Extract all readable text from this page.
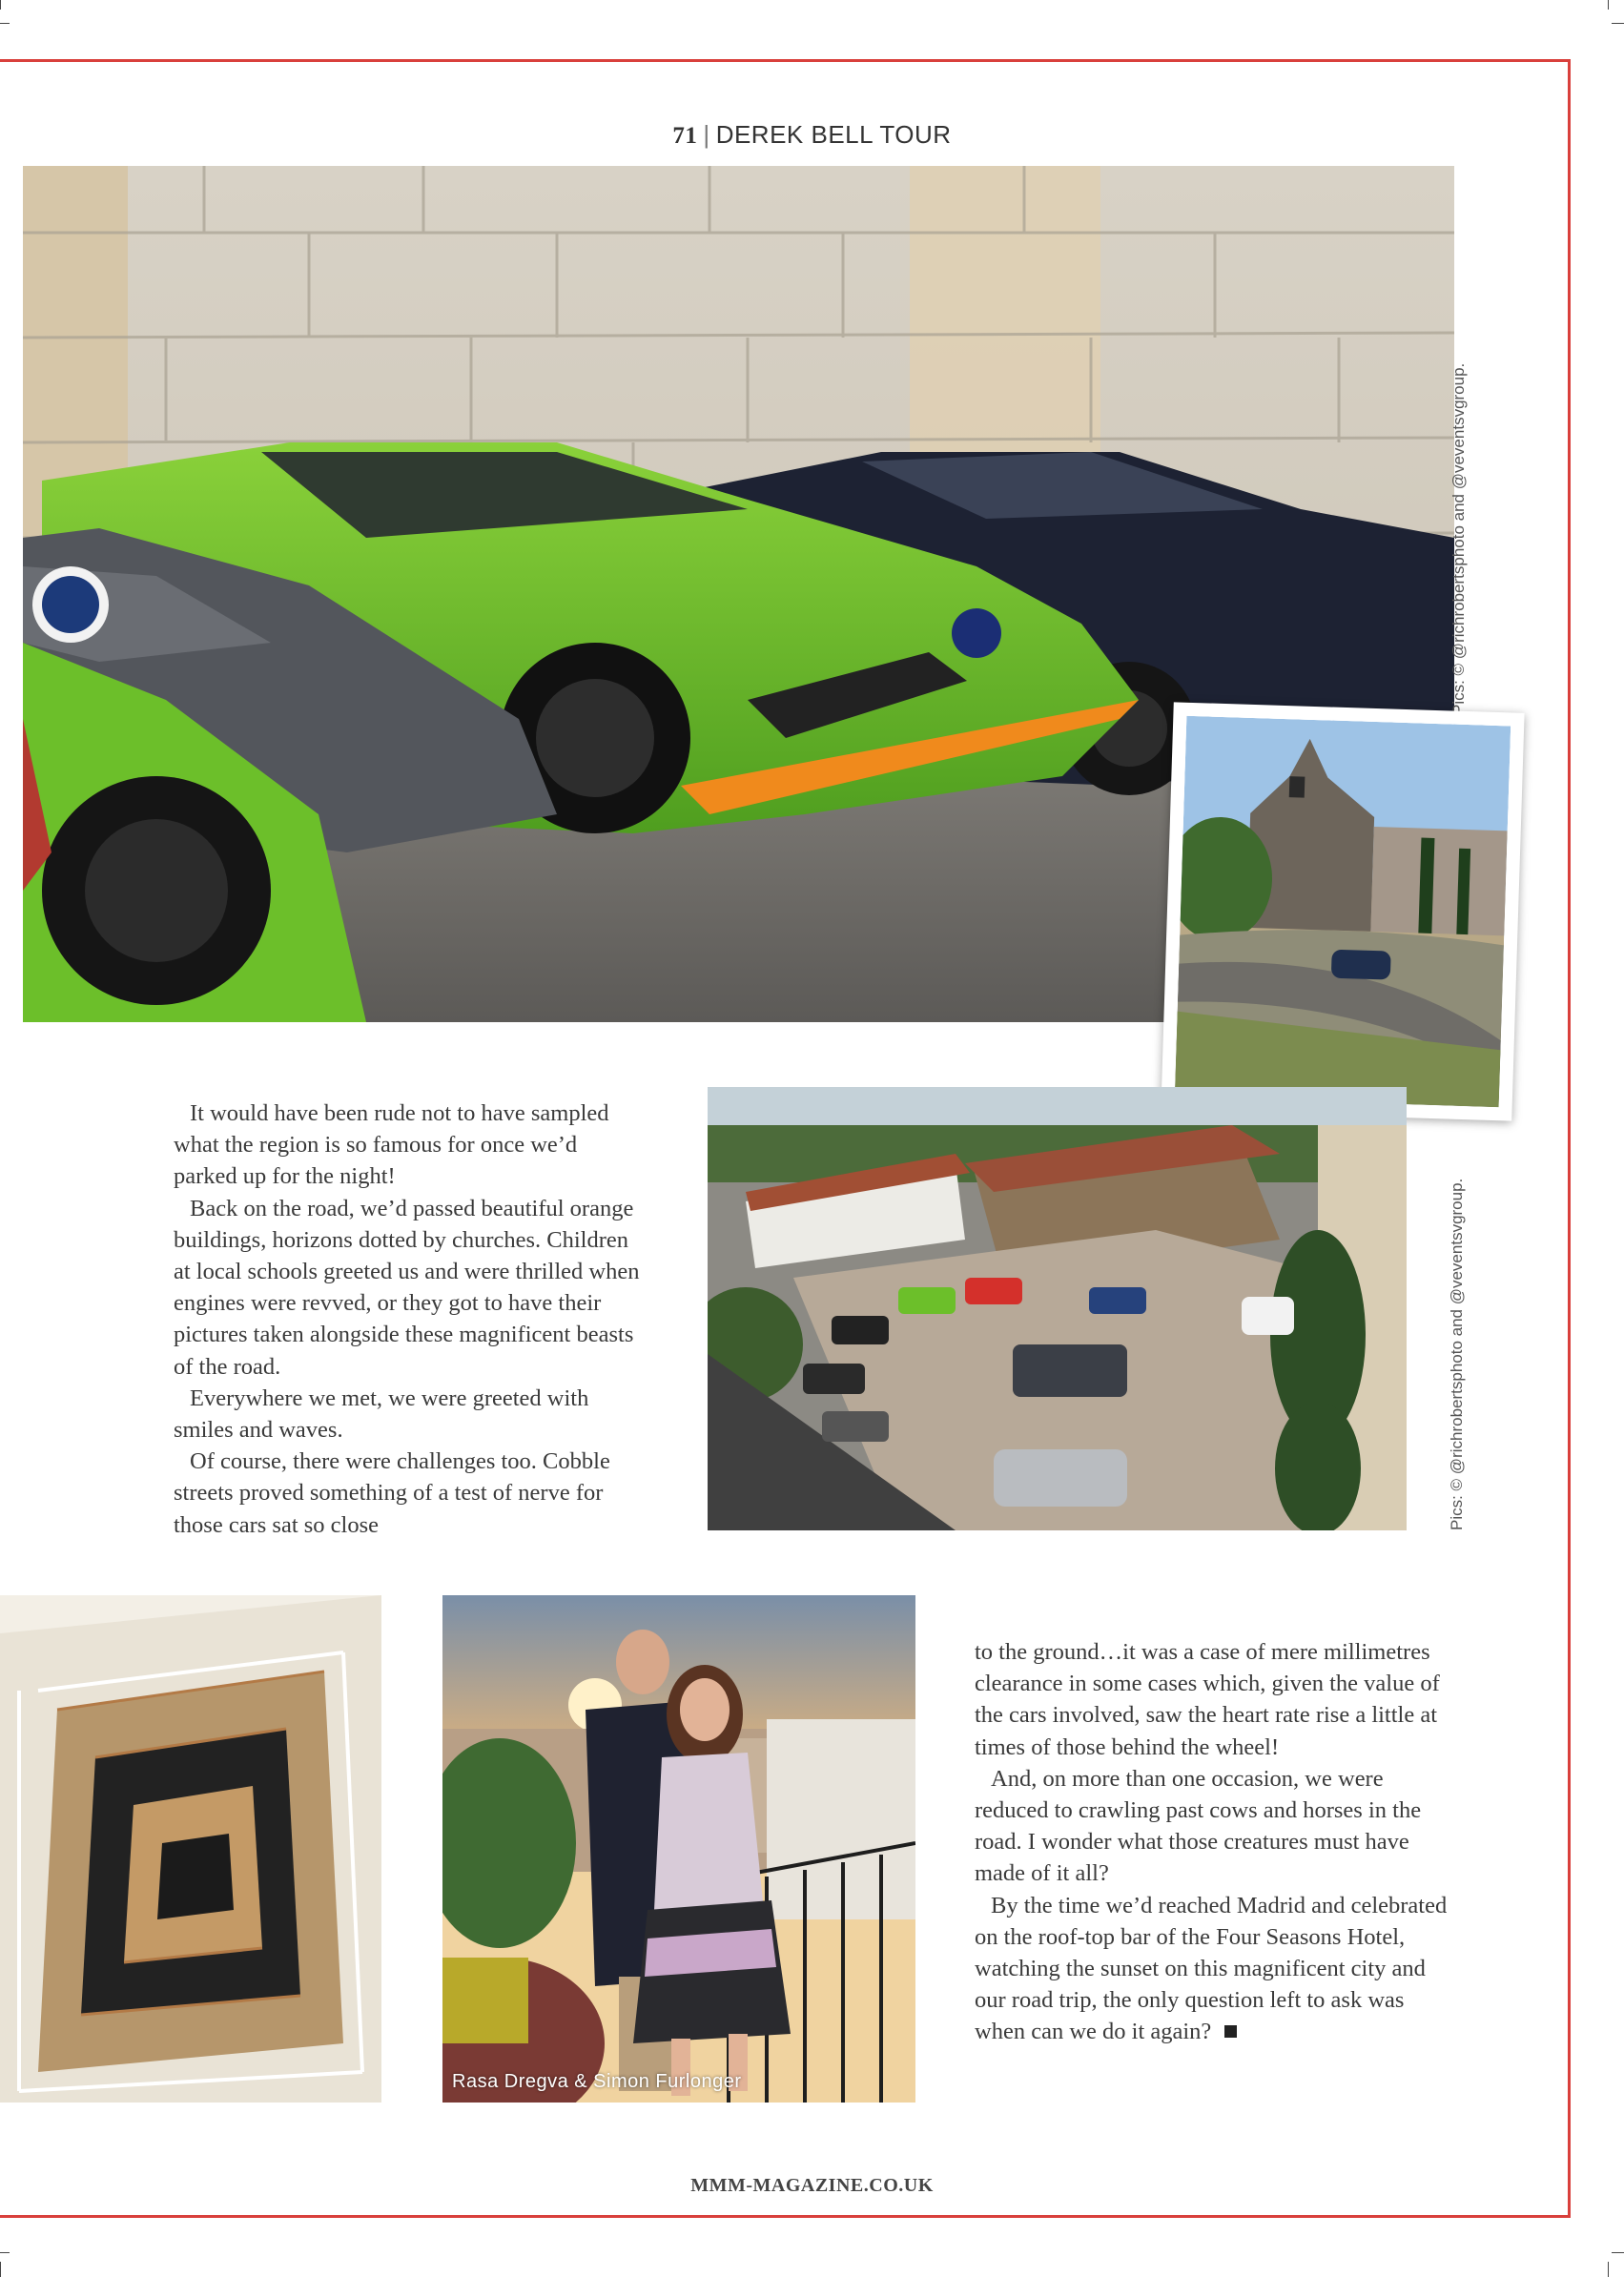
71 | DEREK BELL TOUR
Pics: © @richrobertsphoto and @veventsvgroup.

It would have been rude not to have sampled what the region is so famous for once we’d parked up for the night!

Back on the road, we’d passed beautiful orange buildings, horizons dotted by churches. Children at local schools greeted us and were thrilled when engines were revved, or they got to have their pictures taken alongside these magnificent beasts of the road.

Everywhere we met, we were greeted with smiles and waves.

Of course, there were challenges too. Cobble streets proved something of a test of nerve for those cars sat so close	Pics: © @richrobertsphoto and @veventsvgroup.
Rasa Dregva & Simon Furlonger

to the ground…it was a case of mere millimetres clearance in some cases which, given the value of the cars involved, saw the heart rate rise a little at times of those behind the wheel!

And, on more than one occasion, we were reduced to crawling past cows and horses in the road. I wonder what those creatures must have made of it all?

By the time we’d reached Madrid and celebrated on the roof-top bar of the Four Seasons Hotel, watching the sunset on this magnificent city and our road trip, the only question left to ask was when can we do it again?

MMM-MAGAZINE.CO.UK
